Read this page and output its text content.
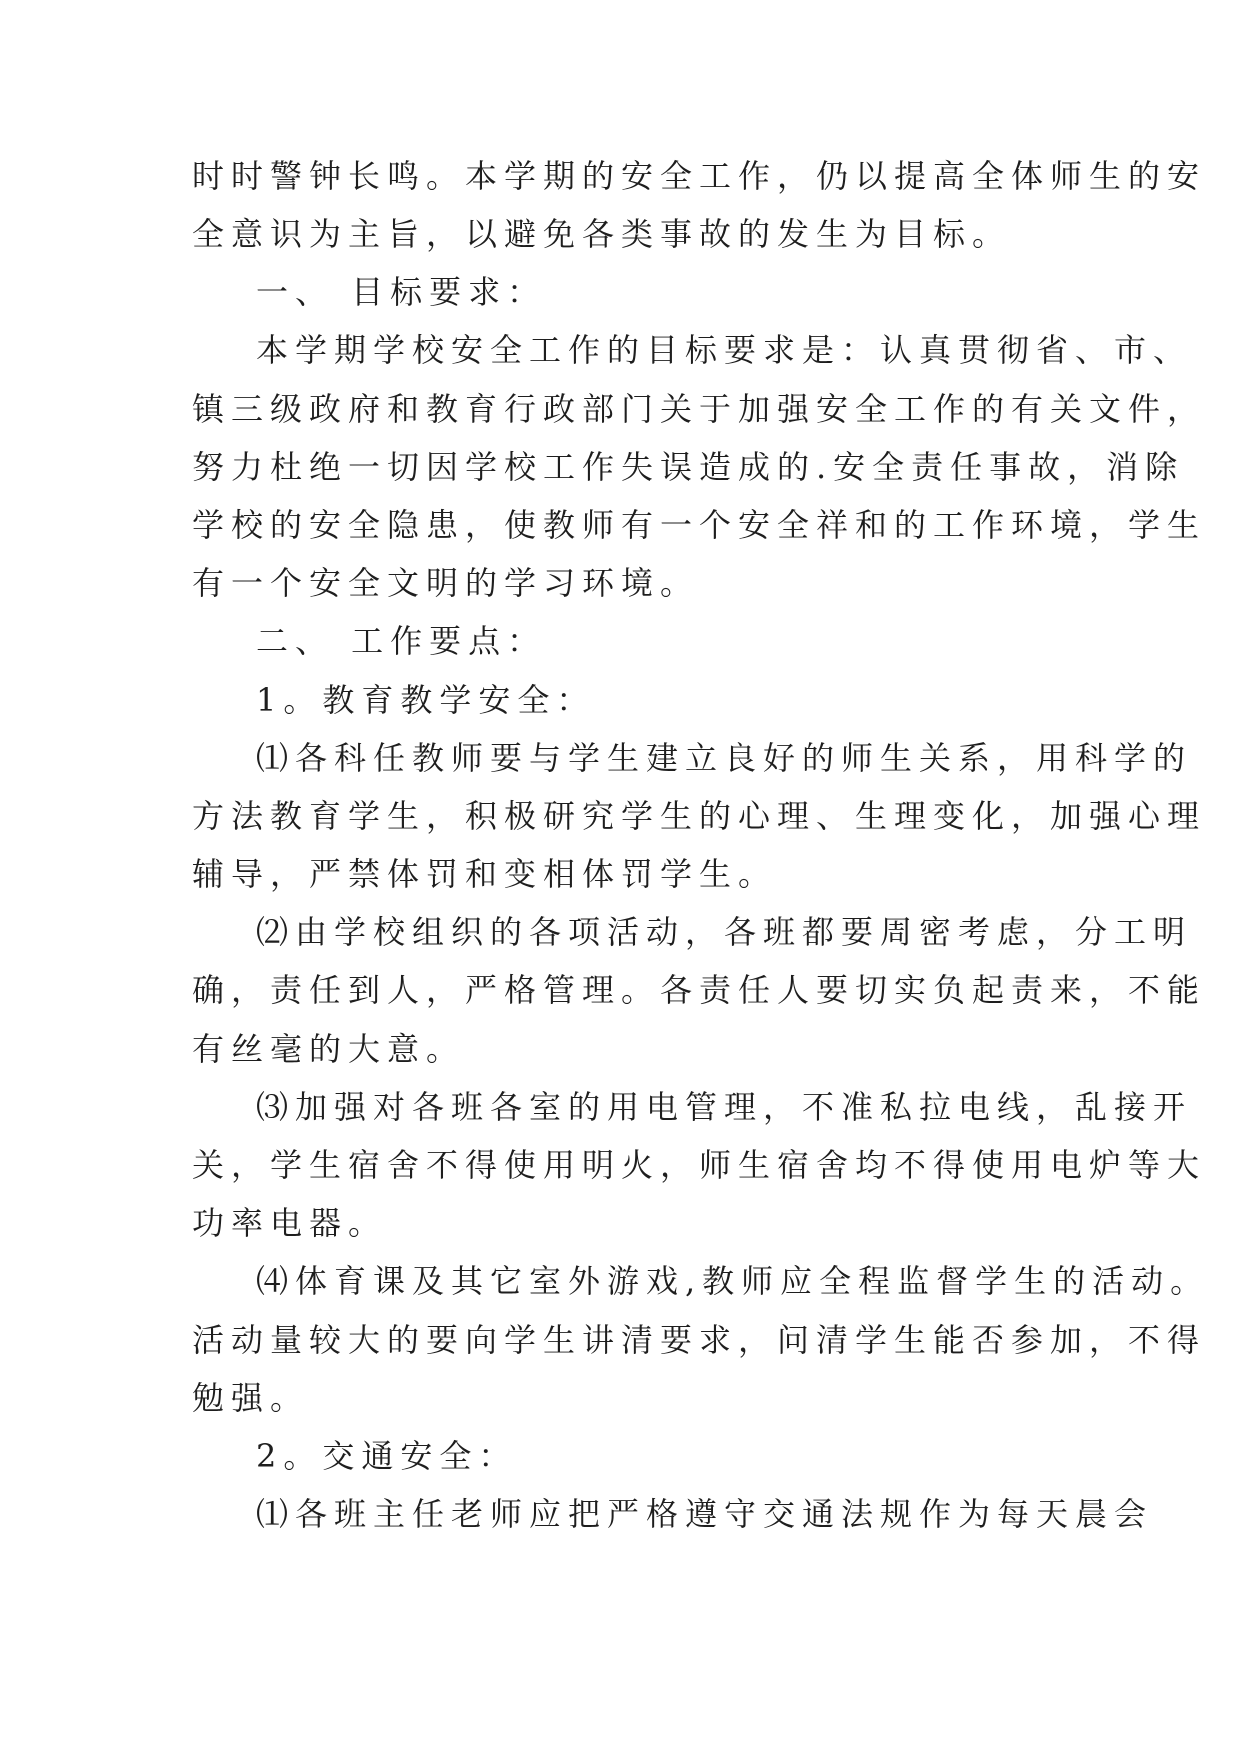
时时警钟长鸣。本学期的安全工作，仍以提高全体师生的安
全意识为主旨，以避免各类事故的发生为目标。
一、 目标要求：
本学期学校安全工作的目标要求是：认真贯彻省、市、
镇三级政府和教育行政部门关于加强安全工作的有关文件，
努力杜绝一切因学校工作失误造成的.安全责任事故，消除
学校的安全隐患，使教师有一个安全祥和的工作环境，学生
有一个安全文明的学习环境。
二、 工作要点：
1。教育教学安全：
⑴各科任教师要与学生建立良好的师生关系，用科学的
方法教育学生，积极研究学生的心理、生理变化，加强心理
辅导，严禁体罚和变相体罚学生。
⑵由学校组织的各项活动，各班都要周密考虑，分工明
确，责任到人，严格管理。各责任人要切实负起责来，不能
有丝毫的大意。
⑶加强对各班各室的用电管理，不准私拉电线，乱接开
关，学生宿舍不得使用明火，师生宿舍均不得使用电炉等大
功率电器。
⑷体育课及其它室外游戏,教师应全程监督学生的活动。
活动量较大的要向学生讲清要求，问清学生能否参加，不得
勉强。
2。交通安全：
⑴各班主任老师应把严格遵守交通法规作为每天晨会
